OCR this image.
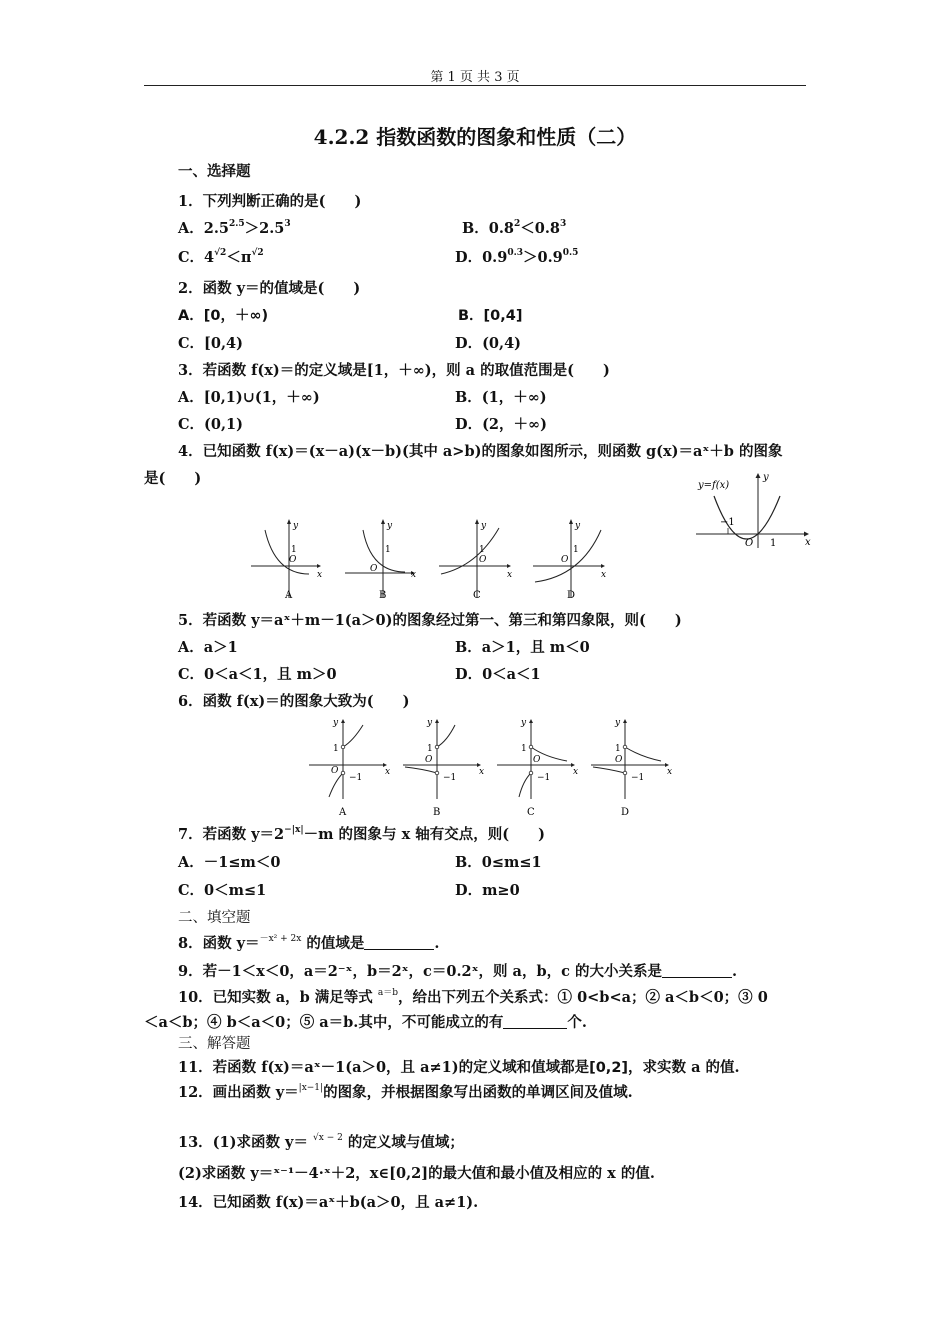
第 1 页 共 3 页
4.2.2 指数函数的图象和性质（二）
一、选择题
1．下列判断正确的是(　　)
A．$2.5^{2.5}>2.5^3$	B．$0.8^2<0.8^3$
C．$4^{√2}<\pi^{√2}$	D．$0.9^{0.3}>0.9^{0.5}$
2．函数 y＝的值域是(　　)
A．[0，＋∞)	B．[0,4]
C．[0,4)	D．(0,4)
3．若函数 f(x)＝的定义域是[1，＋∞)，则 a 的取值范围是(　　)
A．[0,1)∪(1，＋∞)	B．(1，＋∞)
C．(0,1)	D．(2，＋∞)
4．已知函数 f(x)＝(x－a)(x－b)(其中 a>b)的图象如图所示，则函数 g(x)＝aˣ＋b 的图象
是(　　)	y=f(x)
y
x
−1
O 1
y
x
1
O
A
y
x
1
O
B
y
x
1
O
C
y
x
1
O
D
5．若函数 y＝aˣ＋m－1(a＞0)的图象经过第一、第三和第四象限，则(　　)
A．a＞1	B．a＞1，且 m＜0
C．0＜a＜1，且 m＞0	D．0＜a＜1
6．函数 f(x)＝的图象大致为(　　)
y
x
1
O
−1
A
y
x
1
O
−1
B
y
x
1
O
−1
C
y
x
1
O
−1
D
7．若函数 $y=2^{-|x|}-m$ 的图象与 x 轴有交点，则(　　)
A．－1≤m＜0	B．0≤m≤1
C．0＜m≤1	D．m≥0
二、填空题
8．函数 y＝$^{-x^2 + 2x}$ 的值域是	.
9．若－1＜x＜0，a＝2⁻ˣ，b＝2ˣ，c＝0.2ˣ，则 a，b，c 的大小关系是	.
10．已知实数 a，b 满足等式 $^{a=b}$，给出下列五个关系式：① 0<b<a；② a＜b＜0；③ 0
＜a＜b；④ b＜a＜0；⑤ a＝b.其中，不可能成立的有	个.
三、解答题
11．若函数 f(x)＝aˣ－1(a＞0，且 a≠1)的定义域和值域都是[0,2]，求实数 a 的值.
12．画出函数 y＝$^{|x-1|}$的图象，并根据图象写出函数的单调区间及值域.
13．(1)求函数 y＝ $^{√x - 2}$ 的定义域与值域；
(2)求函数 y＝ˣ⁻¹－4·ˣ＋2，x∈[0,2]的最大值和最小值及相应的 x 的值.
14．已知函数 f(x)＝aˣ＋b(a＞0，且 a≠1).
